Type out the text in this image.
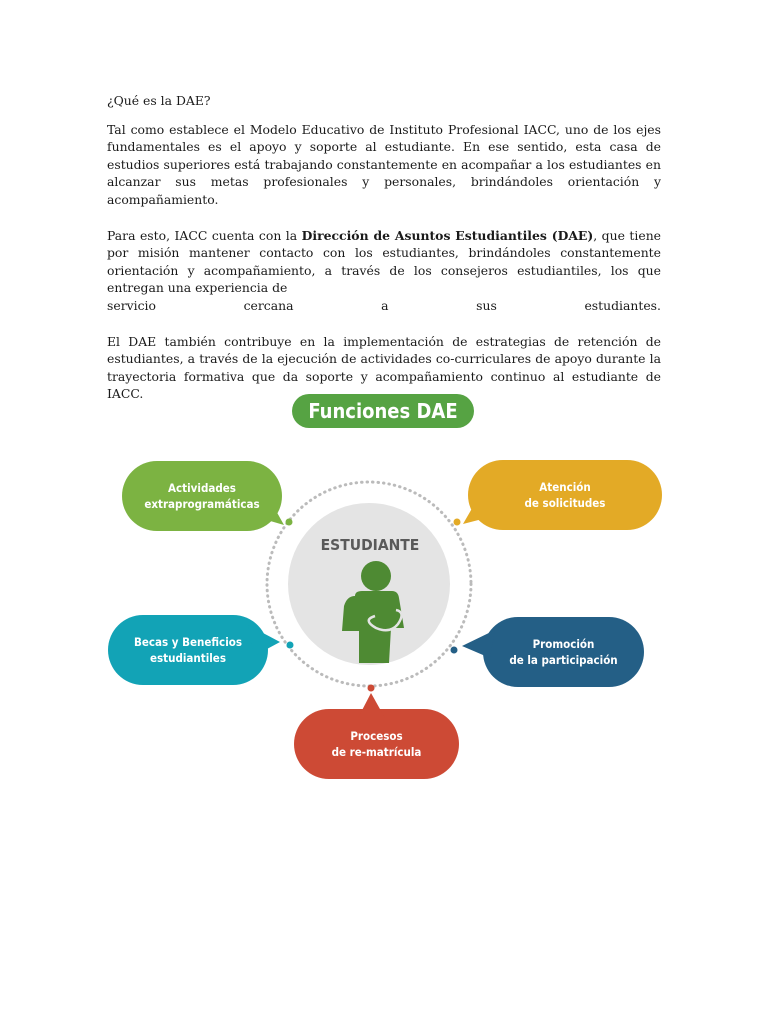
¿Qué es la DAE?

Tal como establece el Modelo Educativo de Instituto Profesional IACC, uno de los ejes fundamentales es el apoyo y soporte al estudiante. En ese sentido, esta casa de estudios superiores está trabajando constantemente en acompañar a los estudiantes en alcanzar sus metas profesionales y personales, brindándoles orientación y acompañamiento.

Para esto, IACC cuenta con la Dirección de Asuntos Estudiantiles (DAE), que tiene por misión mantener contacto con los estudiantes, brindándoles constantemente orientación y acompañamiento, a través de los consejeros estudiantiles, los que entregan una experiencia de

servicio	cercana	a	sus	estudiantes.

El DAE también contribuye en la implementación de estrategias de retención de estudiantes, a través de la ejecución de actividades co-curriculares de apoyo durante la trayectoria formativa que da soporte y acompañamiento continuo al estudiante de IACC.

Funciones DAE
ESTUDIANTE
Actividades
extraprogramáticas
Atención
de solicitudes
Becas y Beneficios
estudiantiles
Promoción
de la participación
Procesos
de re-matrícula
